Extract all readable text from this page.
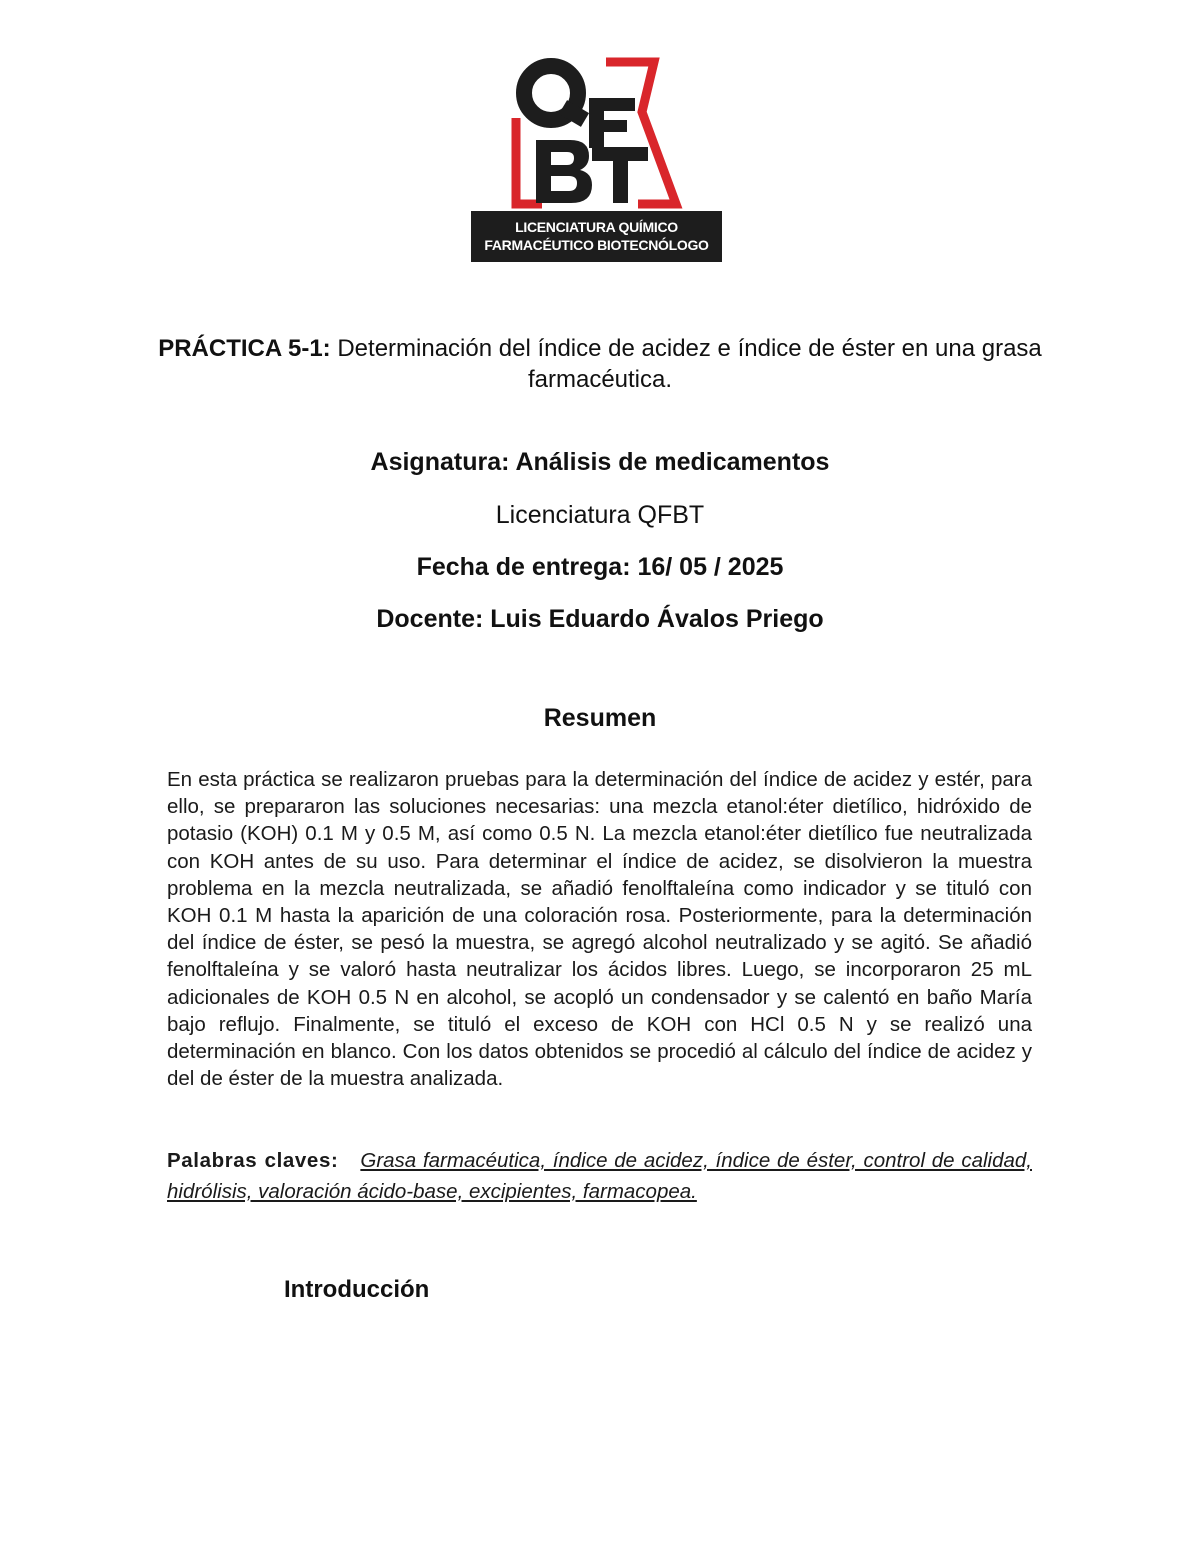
LICENCIATURA QUÍMICO
FARMACÉUTICO BIOTECNÓLOGO
PRÁCTICA 5-1: Determinación del índice de acidez e índice de éster en una grasa farmacéutica.
Asignatura: Análisis de medicamentos
Licenciatura QFBT
Fecha de entrega: 16/ 05 / 2025
Docente: Luis Eduardo Ávalos Priego
Resumen

En esta práctica se realizaron pruebas para la determinación del índice de acidez y estér, para ello, se prepararon las soluciones necesarias: una mezcla etanol:éter dietílico, hidróxido de potasio (KOH) 0.1 M y 0.5 M, así como 0.5 N. La mezcla etanol:éter dietílico fue neutralizada con KOH antes de su uso. Para determinar el índice de acidez, se disolvieron la muestra problema en la mezcla neutralizada, se añadió fenolftaleína como indicador y se tituló con KOH 0.1 M hasta la aparición de una coloración rosa. Posteriormente, para la determinación del índice de éster, se pesó la muestra, se agregó alcohol neutralizado y se agitó. Se añadió fenolftaleína y se valoró hasta neutralizar los ácidos libres. Luego, se incorporaron 25 mL adicionales de KOH 0.5 N en alcohol, se acopló un condensador y se calentó en baño María bajo reflujo. Finalmente, se tituló el exceso de KOH con HCl 0.5 N y se realizó una determinación en blanco. Con los datos obtenidos se procedió al cálculo del índice de acidez y del de éster de la muestra analizada.

Palabras claves: Grasa farmacéutica, índice de acidez, índice de éster, control de calidad, hidrólisis, valoración ácido-base, excipientes, farmacopea.

Introducción
